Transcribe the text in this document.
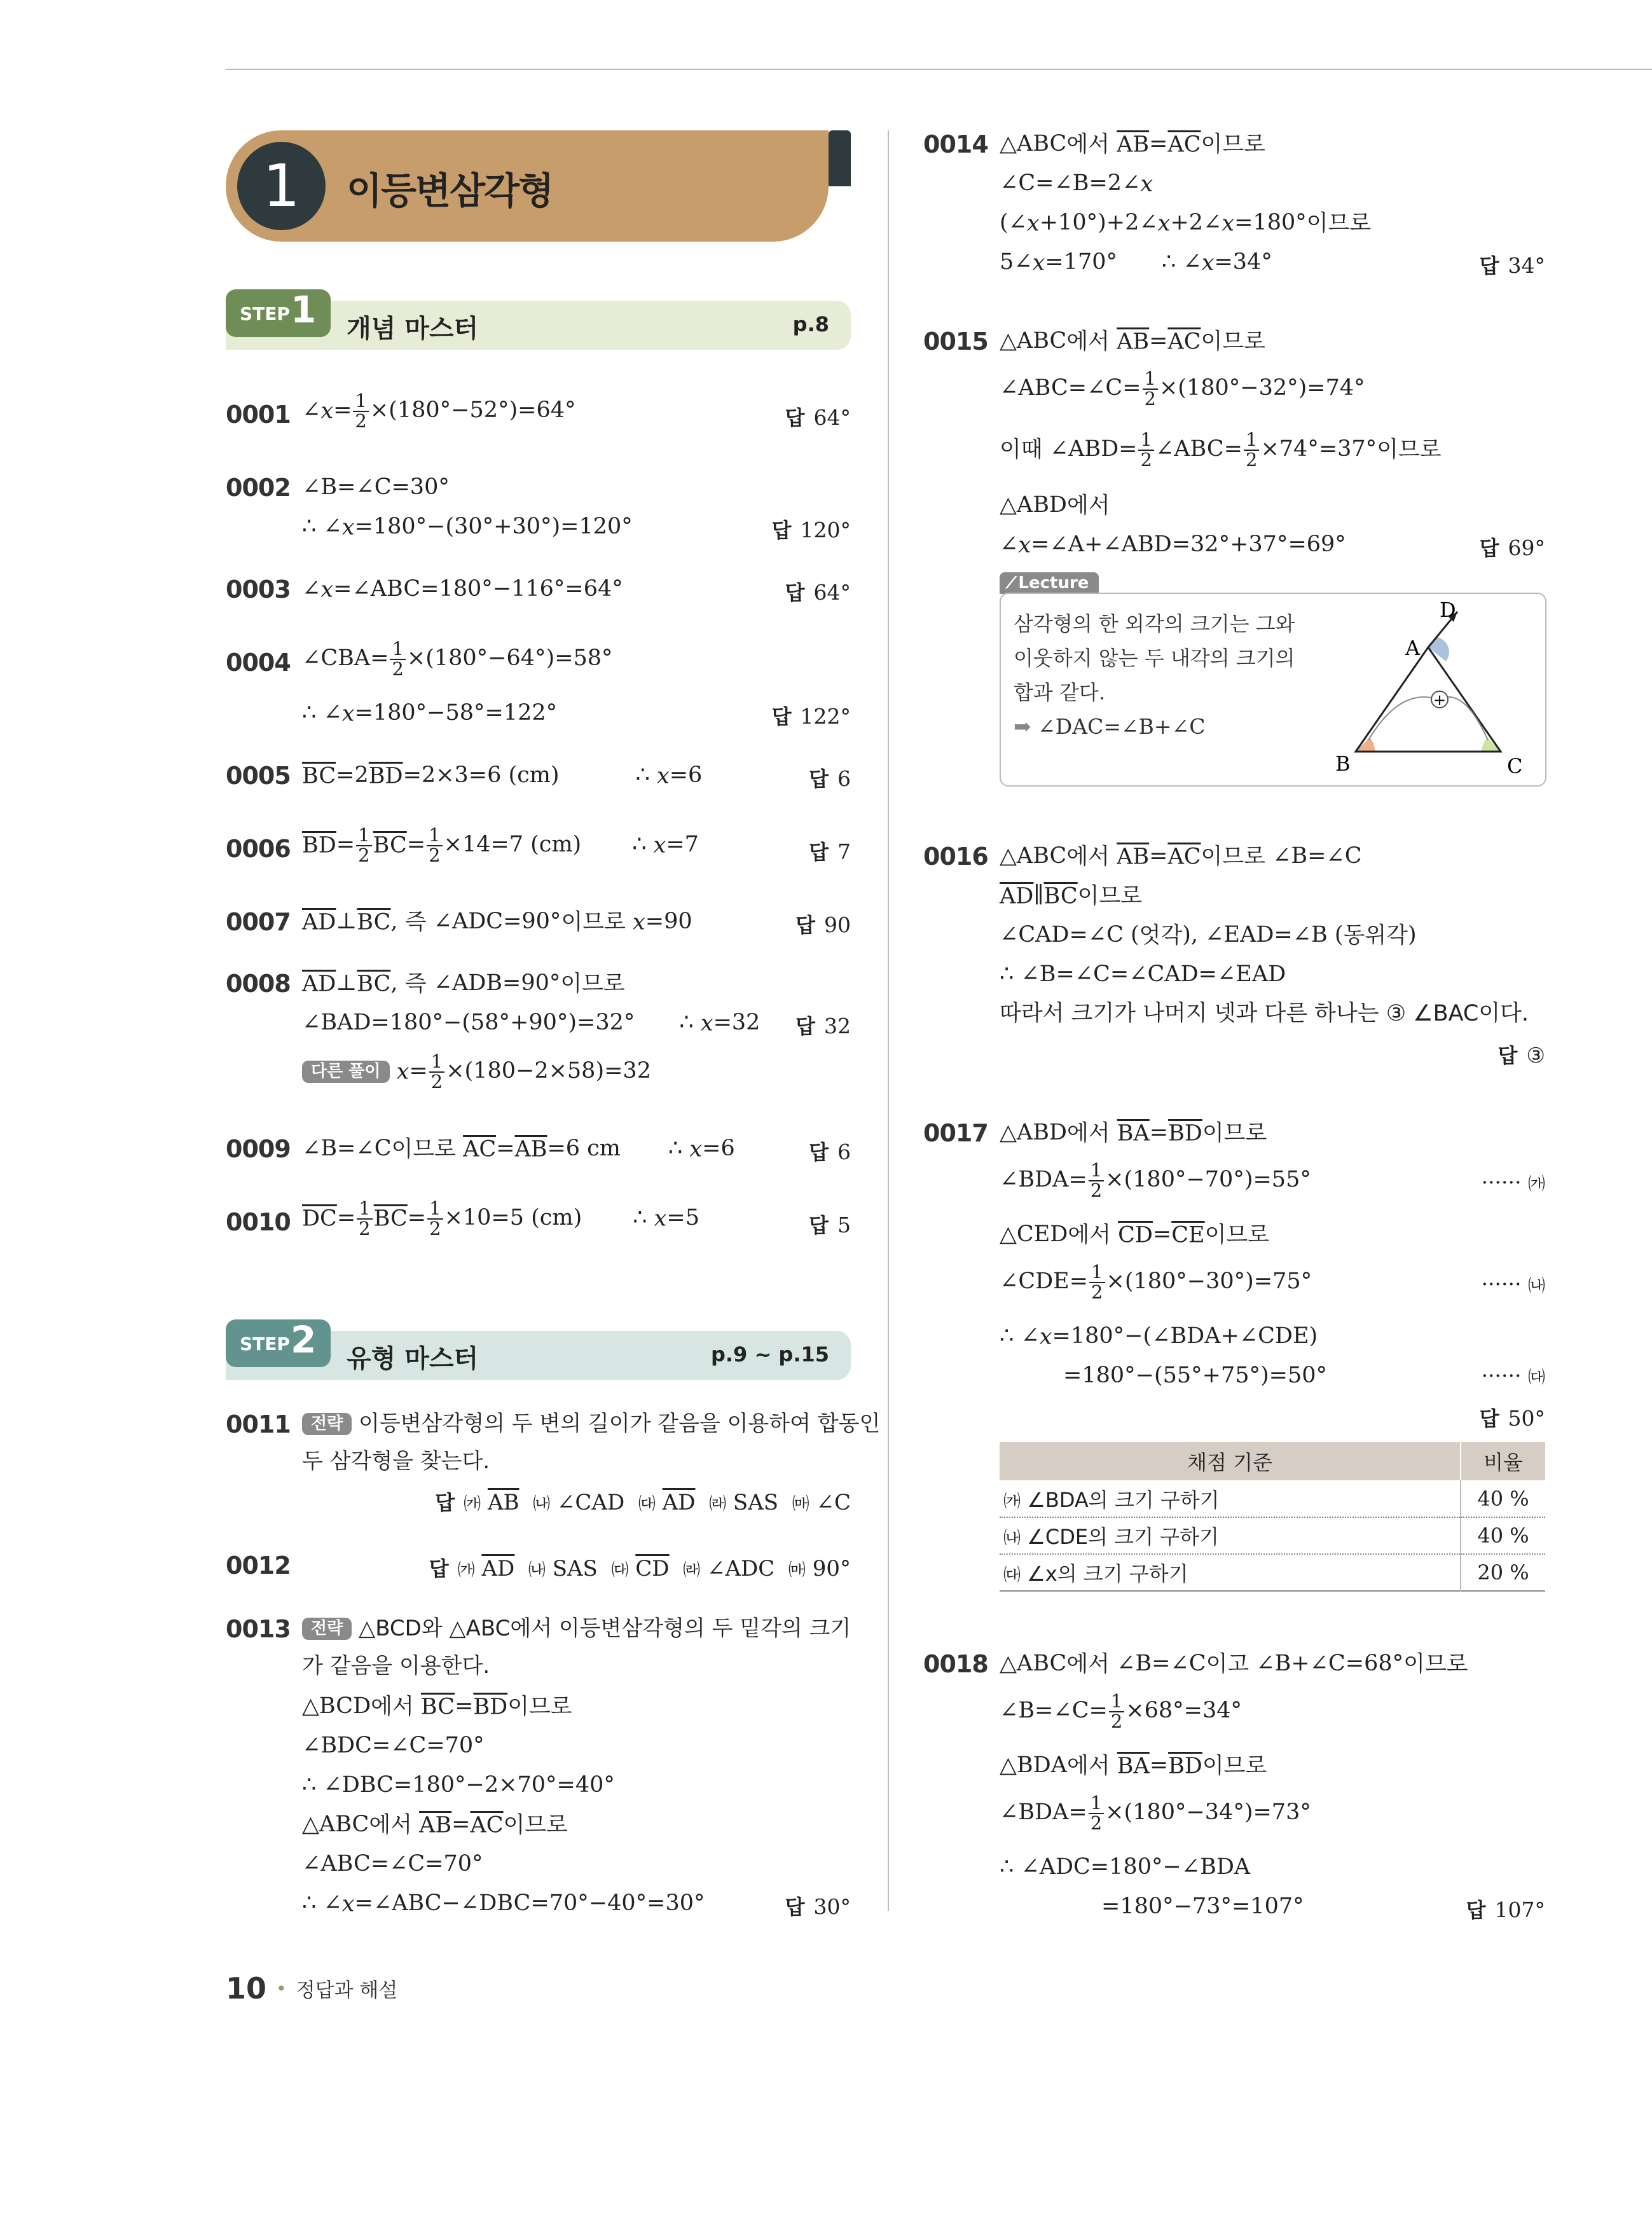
1	이등변삼각형
STEP 1 개념 마스터	p.8
0001 ∠x= $\frac{1}{2} \times(180^\circ-52^\circ)=64^\circ$	답 64°
0002 ∠B=∠C=30°
∴ ∠x=180°−(30°+30°)=120°	답 120°
0003 ∠x=∠ABC=180°−116°=64°	답 64°
0004 ∠CBA= $\frac{1}{2} \times(180^\circ-64^\circ)=58^\circ$
∴ ∠x=180°−58°=122°	답 122°
0005 $\overline{BC}=2\overline{BD}=2\times 3=6$ (cm)	∴ x=6	답 6
0006 $\overline{BD}= \frac{1}{2} \overline{BC}= \frac{1}{2} \times 14=7$ (cm) ∴ x=7	답 7
0007 $\overline{AD}\perp\overline{BC}$, 즉 ∠ADC=90°이므로 x=90	답 90
0008 $\overline{AD}\perp\overline{BC}$, 즉 ∠ADB=90°이므로
∠BAD=180°−(58°+90°)=32° ∴ x=32	답 32
다른 풀이 $x= \frac{1}{2} \times(180-2\times 58)=32$
0009 ∠B=∠C이므로 $\overline{AC}=\overline{AB}=6$ cm ∴ x=6	답 6
0010 $\overline{DC}= \frac{1}{2} \overline{BC}= \frac{1}{2} \times 10=5$ (cm) ∴ x=5	답 5
STEP 2 유형 마스터	p.9 ~ p.15
0011	전략 이등변삼각형의 두 변의 길이가 같음을 이용하여 합동인
두 삼각형을 찾는다.
답 ㈎ $\overline{AB}$ ㈏ ∠CAD  ㈐ $\overline{AD}$ ㈑ SAS  ㈒ ∠C
0012	답 ㈎ $\overline{AD}$ ㈏ SAS  ㈐ $\overline{CD}$ ㈑ ∠ADC  ㈒ 90°
0013	전략 △BCD와 △ABC에서 이등변삼각형의 두 밑각의 크기
가 같음을 이용한다.
△BCD에서 $\overline{BC}=\overline{BD}$이므로
∠BDC=∠C=70°
∴ ∠DBC=180°−2×70°=40°
△ABC에서 $\overline{AB}=\overline{AC}$이므로
∠ABC=∠C=70°
∴ ∠x=∠ABC−∠DBC=70°−40°=30°	답 30°
0014 △ABC에서 $\overline{AB}=\overline{AC}$이므로
∠C=∠B=2∠x
(∠x+10°)+2∠x+2∠x=180°이므로
5∠x=170° ∴ ∠x=34°	답 34°
0015 △ABC에서 $\overline{AB}=\overline{AC}$이므로
∠ABC=∠C= $\frac{1}{2} \times(180^\circ-32^\circ)=74^\circ$
이때 ∠ABD= $\frac{1}{2}$ ∠ABC= $\frac{1}{2} \times 74^\circ=37^\circ$이므로
△ABD에서
∠x=∠A+∠ABD=32°+37°=69°	답 69°
⁄ Lecture
삼각형의 한 외각의 크기는 그와
이웃하지 않는 두 내각의 크기의
합과 같다.
➡ ∠DAC=∠B+∠C
+
D
A
B	C
0016 △ABC에서 $\overline{AB}=\overline{AC}$이므로 ∠B=∠C
$\overline{AD}\parallel\overline{BC}$이므로
∠CAD=∠C (엇각), ∠EAD=∠B (동위각)
∴ ∠B=∠C=∠CAD=∠EAD
따라서 크기가 나머지 넷과 다른 하나는 ③ ∠BAC이다.
답 ③
0017 △ABD에서 $\overline{BA}=\overline{BD}$이므로
∠BDA= $\frac{1}{2} \times(180^\circ-70^\circ)=55^\circ$	······ ㈎
△CED에서 $\overline{CD}=\overline{CE}$이므로
∠CDE= $\frac{1}{2} \times(180^\circ-30^\circ)=75^\circ$	······ ㈏
∴ ∠x=180°−(∠BDA+∠CDE)
=180°−(55°+75°)=50°	······ ㈐
답 50°
채점 기준	비율
㈎ ∠BDA의 크기 구하기	40 %
㈏ ∠CDE의 크기 구하기	40 %
㈐ ∠x의 크기 구하기	20 %
0018 △ABC에서 ∠B=∠C이고 ∠B+∠C=68°이므로
∠B=∠C= $\frac{1}{2} \times 68^\circ=34^\circ$
△BDA에서 $\overline{BA}=\overline{BD}$이므로
∠BDA= $\frac{1}{2} \times(180^\circ-34^\circ)=73^\circ$
∴ ∠ADC=180°−∠BDA
=180°−73°=107°	답 107°
10 • 정답과 해설
